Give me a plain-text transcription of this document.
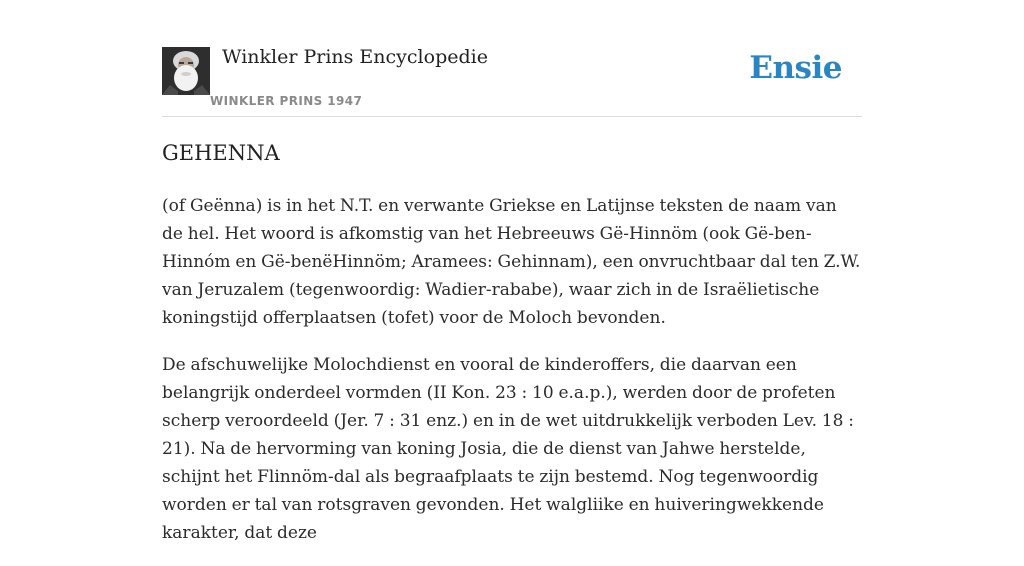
Winkler Prins Encyclopedie
WINKLER PRINS 1947
Ensie
GEHENNA

(of Geënna) is in het N.T. en verwante Griekse en Latijnse teksten de naam van de hel. Het woord is afkomstig van het Hebreeuws Gë-Hinnöm (ook Gë-ben-Hinnóm en Gë-benëHinnöm; Aramees: Gehinnam), een onvruchtbaar dal ten Z.W. van Jeruzalem (tegenwoordig: Wadier-rababe), waar zich in de Israëlietische koningstijd offerplaatsen (tofet) voor de Moloch bevonden.

De afschuwelijke Molochdienst en vooral de kinderoffers, die daarvan een belangrijk onderdeel vormden (II Kon. 23 : 10 e.a.p.), werden door de profeten scherp veroordeeld (Jer. 7 : 31 enz.) en in de wet uitdrukkelijk verboden Lev. 18 : 21). Na de hervorming van koning Josia, die de dienst van Jahwe herstelde, schijnt het Flinnöm-dal als begraafplaats te zijn bestemd. Nog tegenwoordig worden er tal van rotsgraven gevonden. Het walgliike en huiveringwekkende karakter, dat deze
